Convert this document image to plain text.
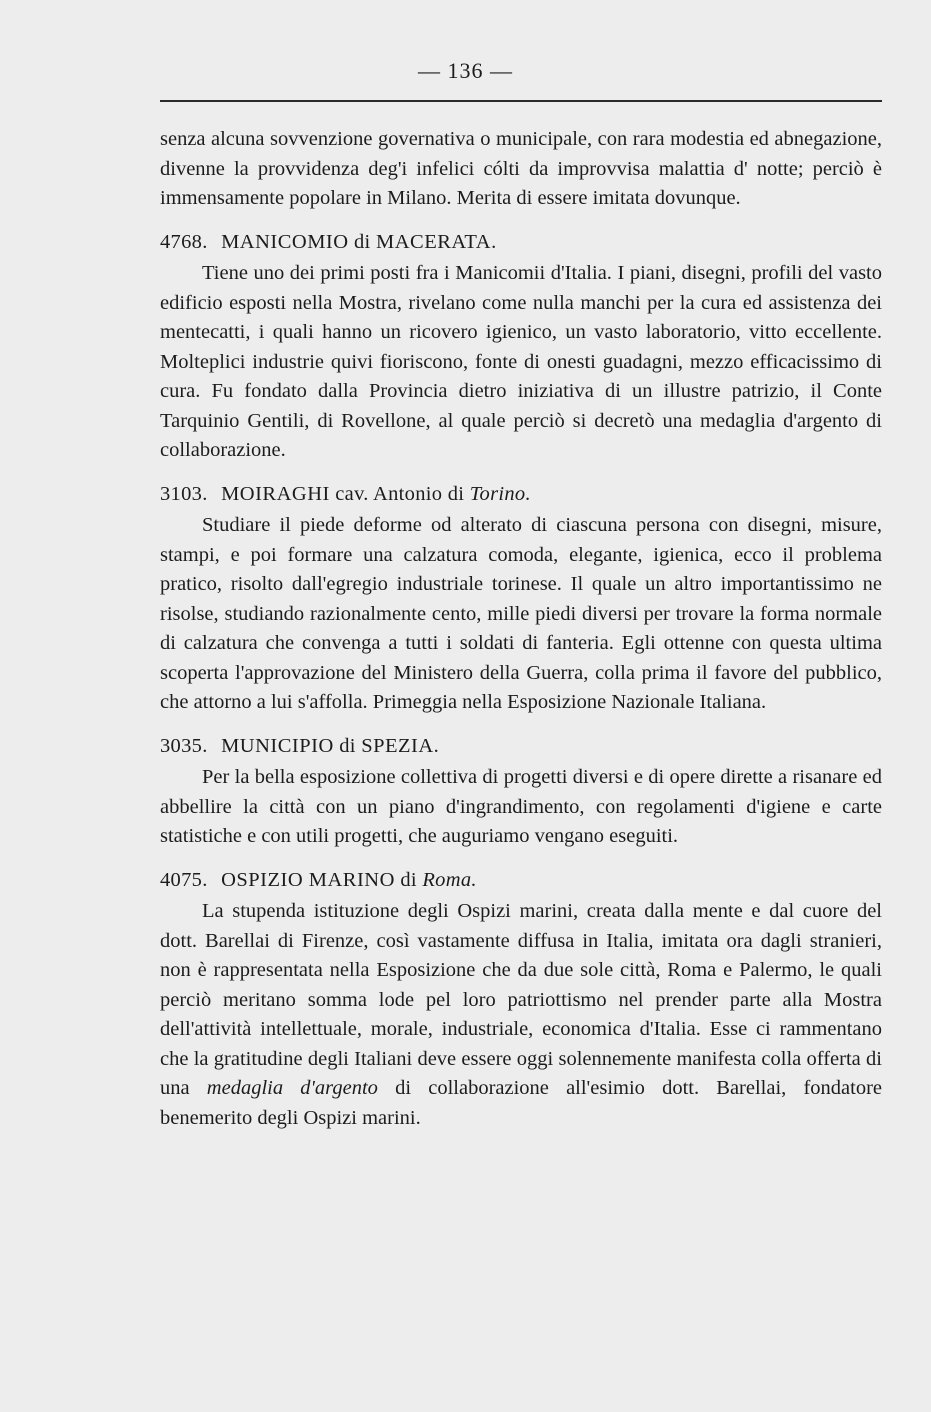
— 136 —

senza alcuna sovvenzione governativa o municipale, con rara modestia ed abnegazione, divenne la provvidenza deg'i infelici cólti da improvvisa malattia d' notte; perciò è immensamente popolare in Milano. Merita di essere imitata dovunque.

4768. MANICOMIO di MACERATA.

Tiene uno dei primi posti fra i Manicomii d'Italia. I piani, disegni, profili del vasto edificio esposti nella Mostra, rivelano come nulla manchi per la cura ed assistenza dei mentecatti, i quali hanno un ricovero igienico, un vasto laboratorio, vitto eccellente. Molteplici industrie quivi fioriscono, fonte di onesti guadagni, mezzo efficacissimo di cura. Fu fondato dalla Provincia dietro iniziativa di un illustre patrizio, il Conte Tarquinio Gentili, di Rovellone, al quale perciò si decretò una medaglia d'argento di collaborazione.

3103. MOIRAGHI cav. Antonio di Torino.

Studiare il piede deforme od alterato di ciascuna persona con disegni, misure, stampi, e poi formare una calzatura comoda, elegante, igienica, ecco il problema pratico, risolto dall'egregio industriale torinese. Il quale un altro importantissimo ne risolse, studiando razionalmente cento, mille piedi diversi per trovare la forma normale di calzatura che convenga a tutti i soldati di fanteria. Egli ottenne con questa ultima scoperta l'approvazione del Ministero della Guerra, colla prima il favore del pubblico, che attorno a lui s'affolla. Primeggia nella Esposizione Nazionale Italiana.

3035. MUNICIPIO di SPEZIA.

Per la bella esposizione collettiva di progetti diversi e di opere dirette a risanare ed abbellire la città con un piano d'ingrandimento, con regolamenti d'igiene e carte statistiche e con utili progetti, che auguriamo vengano eseguiti.

4075. OSPIZIO MARINO di Roma.

La stupenda istituzione degli Ospizi marini, creata dalla mente e dal cuore del dott. Barellai di Firenze, così vastamente diffusa in Italia, imitata ora dagli stranieri, non è rappresentata nella Esposizione che da due sole città, Roma e Palermo, le quali perciò meritano somma lode pel loro patriottismo nel prender parte alla Mostra dell'attività intellettuale, morale, industriale, economica d'Italia. Esse ci rammentano che la gratitudine degli Italiani deve essere oggi solennemente manifesta colla offerta di una medaglia d'argento di collaborazione all'esimio dott. Barellai, fondatore benemerito degli Ospizi marini.
